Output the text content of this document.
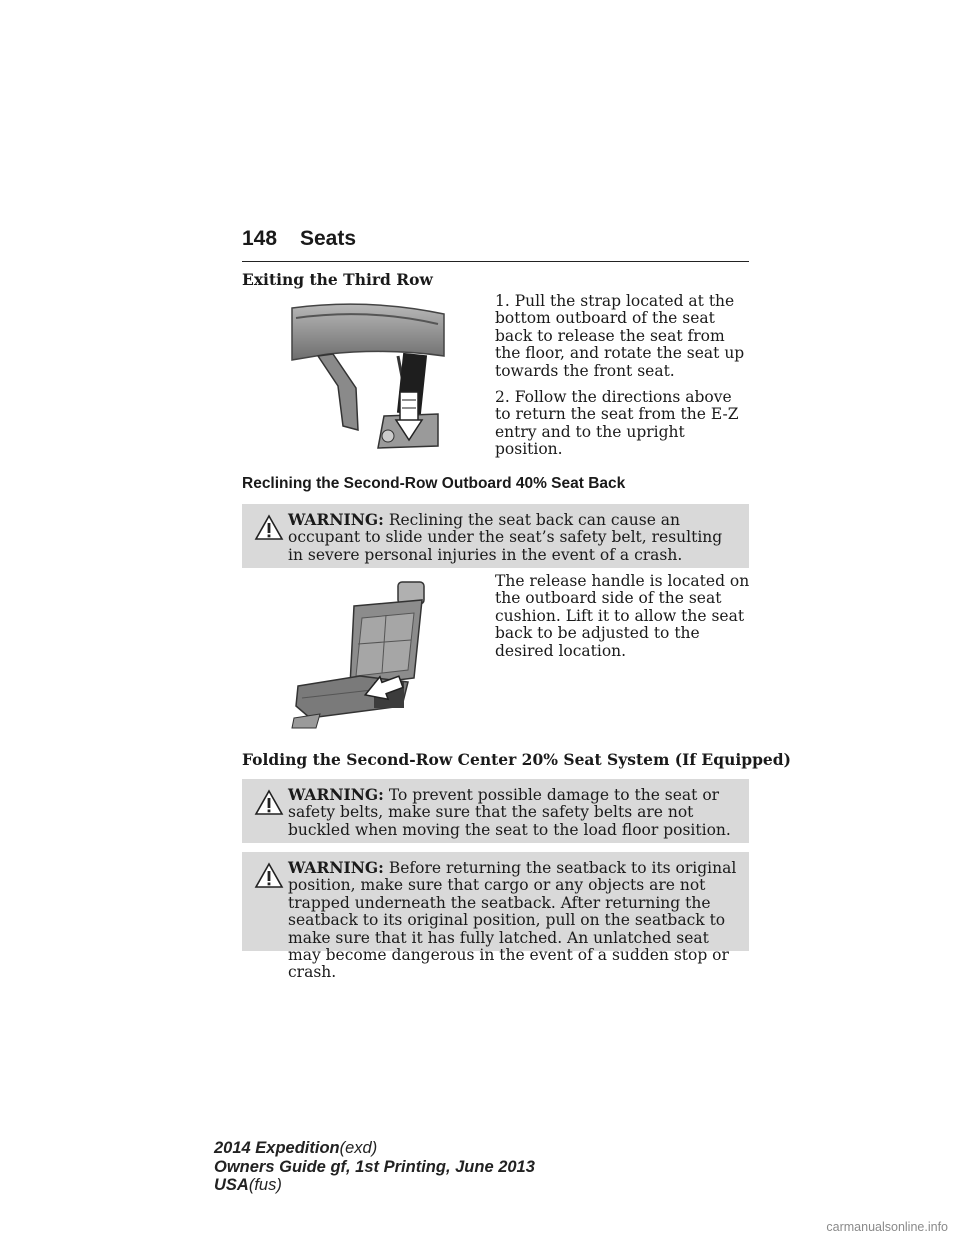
148 Seats
Exiting the Third Row

1. Pull the strap located at the bottom outboard of the seat back to release the seat from the floor, and rotate the seat up towards the front seat.

2. Follow the directions above to return the seat from the E-Z entry and to the upright position.

Reclining the Second-Row Outboard 40% Seat Back
WARNING: Reclining the seat back can cause an occupant to slide under the seat’s safety belt, resulting in severe personal injuries in the event of a crash.
The release handle is located on the outboard side of the seat cushion. Lift it to allow the seat back to be adjusted to the desired location.
Folding the Second-Row Center 20% Seat System (If Equipped)
WARNING: To prevent possible damage to the seat or safety belts, make sure that the safety belts are not buckled when moving the seat to the load floor position.
WARNING: Before returning the seatback to its original position, make sure that cargo or any objects are not trapped underneath the seatback. After returning the seatback to its original position, pull on the seatback to make sure that it has fully latched. An unlatched seat may become dangerous in the event of a sudden stop or crash.
2014 Expedition(exd)
Owners Guide gf, 1st Printing, June 2013
USA(fus)
carmanualsonline.info
